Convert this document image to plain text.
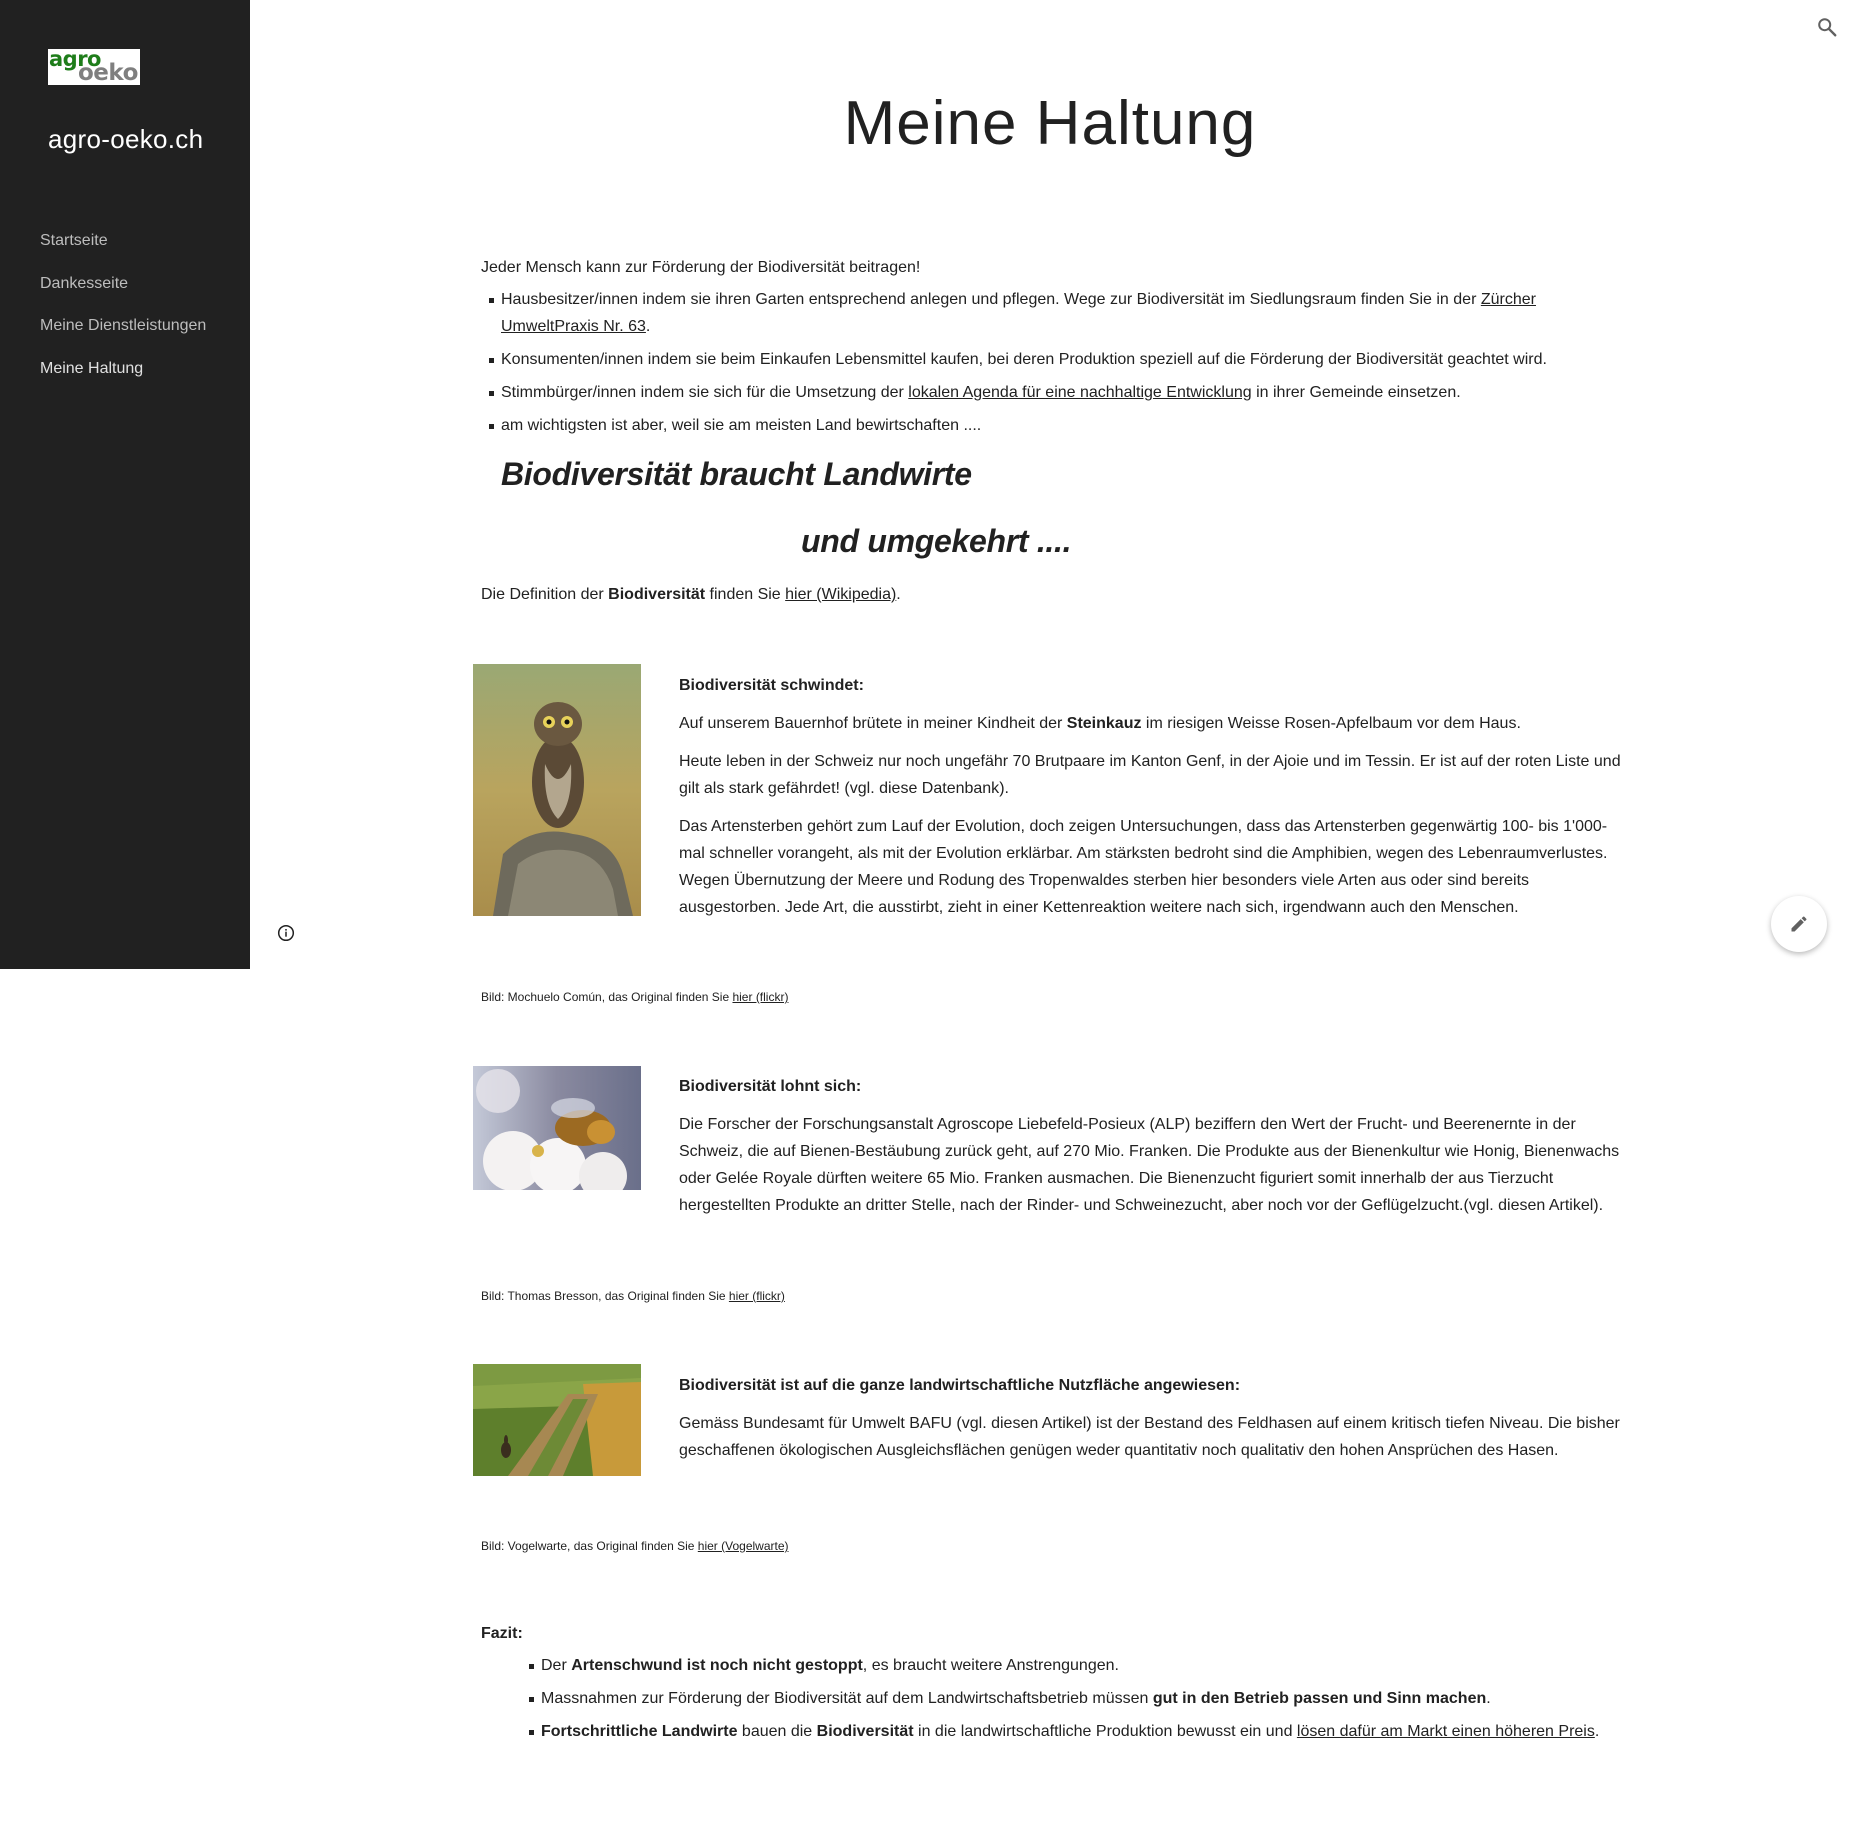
agro
oeko
agro-oeko.ch
Startseite
Dankesseite
Meine Dienstleistungen
Meine Haltung
Meine Haltung

Jeder Mensch kann zur Förderung der Biodiversität beitragen!

Hausbesitzer/innen indem sie ihren Garten entsprechend anlegen und pflegen. Wege zur Biodiversität im Siedlungsraum finden Sie in der Zürcher UmweltPraxis Nr. 63.
Konsumenten/innen indem sie beim Einkaufen Lebensmittel kaufen, bei deren Produktion speziell auf die Förderung der Biodiversität geachtet wird.
Stimmbürger/innen indem sie sich für die Umsetzung der lokalen Agenda für eine nachhaltige Entwicklung in ihrer Gemeinde einsetzen.
am wichtigsten ist aber, weil sie am meisten Land bewirtschaften ....
Biodiversität braucht Landwirte
und umgekehrt ....
Die Definition der Biodiversität finden Sie hier (Wikipedia).

Biodiversität schwindet:

Auf unserem Bauernhof brütete in meiner Kindheit der Steinkauz im riesigen Weisse Rosen-Apfelbaum vor dem Haus.

Heute leben in der Schweiz nur noch ungefähr 70 Brutpaare im Kanton Genf, in der Ajoie und im Tessin. Er ist auf der roten Liste und gilt als stark gefährdet! (vgl. diese Datenbank).

Das Artensterben gehört zum Lauf der Evolution, doch zeigen Untersuchungen, dass das Artensterben gegenwärtig 100- bis 1'000-mal schneller vorangeht, als mit der Evolution erklärbar. Am stärksten bedroht sind die Amphibien, wegen des Lebenraumverlustes. Wegen Übernutzung der Meere und Rodung des Tropenwaldes sterben hier besonders viele Arten aus oder sind bereits ausgestorben. Jede Art, die ausstirbt, zieht in einer Kettenreaktion weitere nach sich, irgendwann auch den Menschen.

Bild: Mochuelo Común, das Original finden Sie hier (flickr)

Biodiversität lohnt sich:

Die Forscher der Forschungsanstalt Agroscope Liebefeld-Posieux (ALP) beziffern den Wert der Frucht- und Beerenernte in der Schweiz, die auf Bienen-Bestäubung zurück geht, auf 270 Mio. Franken. Die Produkte aus der Bienenkultur wie Honig, Bienenwachs oder Gelée Royale dürften weitere 65 Mio. Franken ausmachen. Die Bienenzucht figuriert somit innerhalb der aus Tierzucht hergestellten Produkte an dritter Stelle, nach der Rinder- und Schweinezucht, aber noch vor der Geflügelzucht.(vgl. diesen Artikel).

Bild: Thomas Bresson, das Original finden Sie hier (flickr)

Biodiversität ist auf die ganze landwirtschaftliche Nutzfläche angewiesen:

Gemäss Bundesamt für Umwelt BAFU (vgl. diesen Artikel) ist der Bestand des Feldhasen auf einem kritisch tiefen Niveau. Die bisher geschaffenen ökologischen Ausgleichsflächen genügen weder quantitativ noch qualitativ den hohen Ansprüchen des Hasen.

Bild: Vogelwarte, das Original finden Sie hier (Vogelwarte)

Fazit:

Der Artenschwund ist noch nicht gestoppt, es braucht weitere Anstrengungen.
Massnahmen zur Förderung der Biodiversität auf dem Landwirtschaftsbetrieb müssen gut in den Betrieb passen und Sinn machen.
Fortschrittliche Landwirte bauen die Biodiversität in die landwirtschaftliche Produktion bewusst ein und lösen dafür am Markt einen höheren Preis.
